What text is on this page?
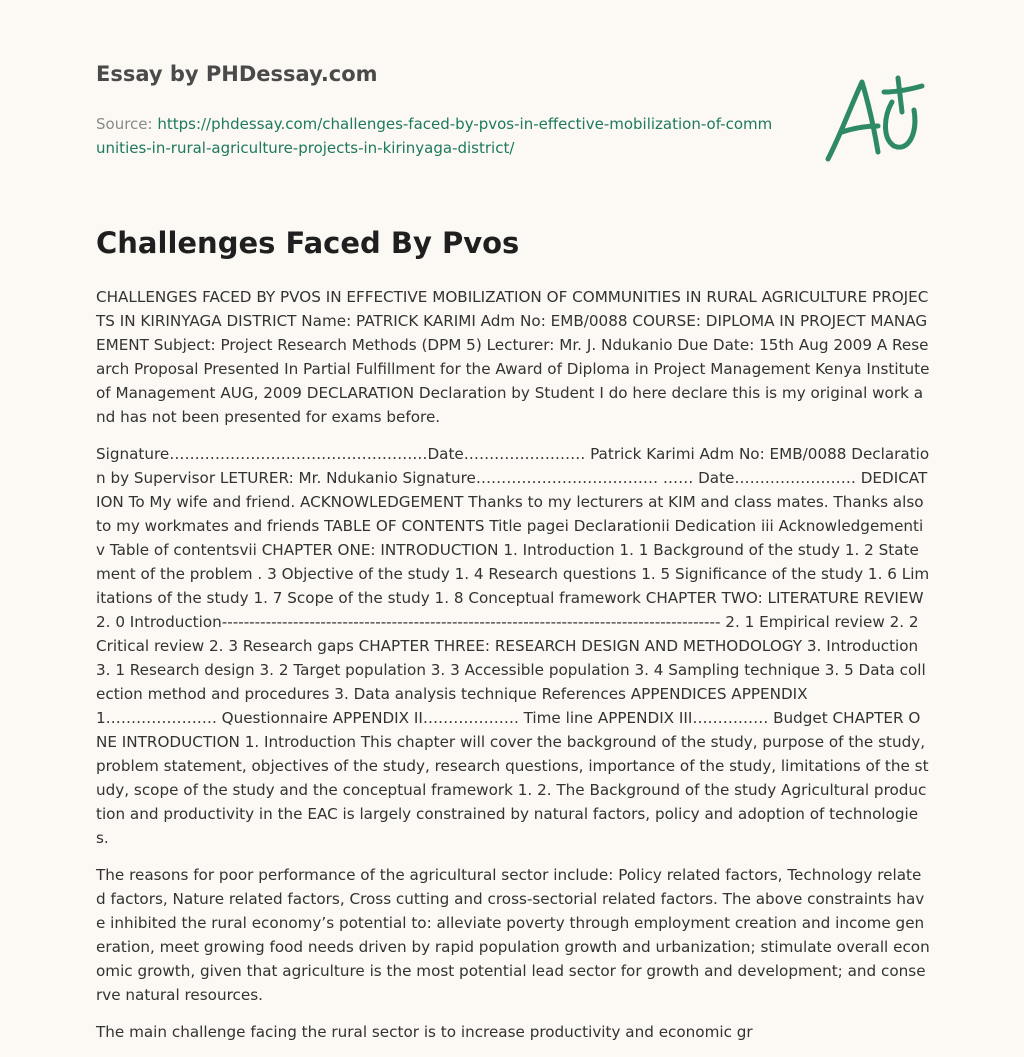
Essay by PHDessay.com
Source: https://phdessay.com/challenges-faced-by-pvos-in-effective-mobilization-of-communities-in-rural-agriculture-projects-in-kirinyaga-district/
Challenges Faced By Pvos

CHALLENGES FACED BY PVOS IN EFFECTIVE MOBILIZATION OF COMMUNITIES IN RURAL AGRICULTURE PROJECTS IN KIRINYAGA DISTRICT Name: PATRICK KARIMI Adm No: EMB/0088 COURSE: DIPLOMA IN PROJECT MANAGEMENT Subject: Project Research Methods (DPM 5) Lecturer: Mr. J. Ndukanio Due Date: 15th Aug 2009 A Research Proposal Presented In Partial Fulfillment for the Award of Diploma in Project Management Kenya Institute of Management AUG, 2009 DECLARATION Declaration by Student I do here declare this is my original work and has not been presented for exams before.

Signature……………………………………………Date…………………… Patrick Karimi Adm No: EMB/0088 Declaration by Supervisor LETURER: Mr. Ndukanio Signature……………………………… …… Date…………………… DEDICATION To My wife and friend. ACKNOWLEDGEMENT Thanks to my lecturers at KIM and class mates. Thanks also to my workmates and friends TABLE OF CONTENTS Title pagei Declarationii Dedication iii Acknowledgementiv Table of contentsvii CHAPTER ONE: INTRODUCTION 1. Introduction 1. 1 Background of the study 1. 2 Statement of the problem . 3 Objective of the study 1. 4 Research questions 1. 5 Significance of the study 1. 6 Limitations of the study 1. 7 Scope of the study 1. 8 Conceptual framework CHAPTER TWO: LITERATURE REVIEW 2. 0 Introduction------------------------------------------------------------------------------------------- 2. 1 Empirical review 2. 2 Critical review 2. 3 Research gaps CHAPTER THREE: RESEARCH DESIGN AND METHODOLOGY 3. Introduction 3. 1 Research design 3. 2 Target population 3. 3 Accessible population 3. 4 Sampling technique 3. 5 Data collection method and procedures 3. Data analysis technique References APPENDICES APPENDIX 1…………………. Questionnaire APPENDIX II………………. Time line APPENDIX III…………… Budget CHAPTER ONE INTRODUCTION 1. Introduction This chapter will cover the background of the study, purpose of the study, problem statement, objectives of the study, research questions, importance of the study, limitations of the study, scope of the study and the conceptual framework 1. 2. The Background of the study Agricultural production and productivity in the EAC is largely constrained by natural factors, policy and adoption of technologies.

The reasons for poor performance of the agricultural sector include: Policy related factors, Technology related factors, Nature related factors, Cross cutting and cross-sectorial related factors. The above constraints have inhibited the rural economy’s potential to: alleviate poverty through employment creation and income generation, meet growing food needs driven by rapid population growth and urbanization; stimulate overall economic growth, given that agriculture is the most potential lead sector for growth and development; and conserve natural resources.

The main challenge facing the rural sector is to increase productivity and economic gr
